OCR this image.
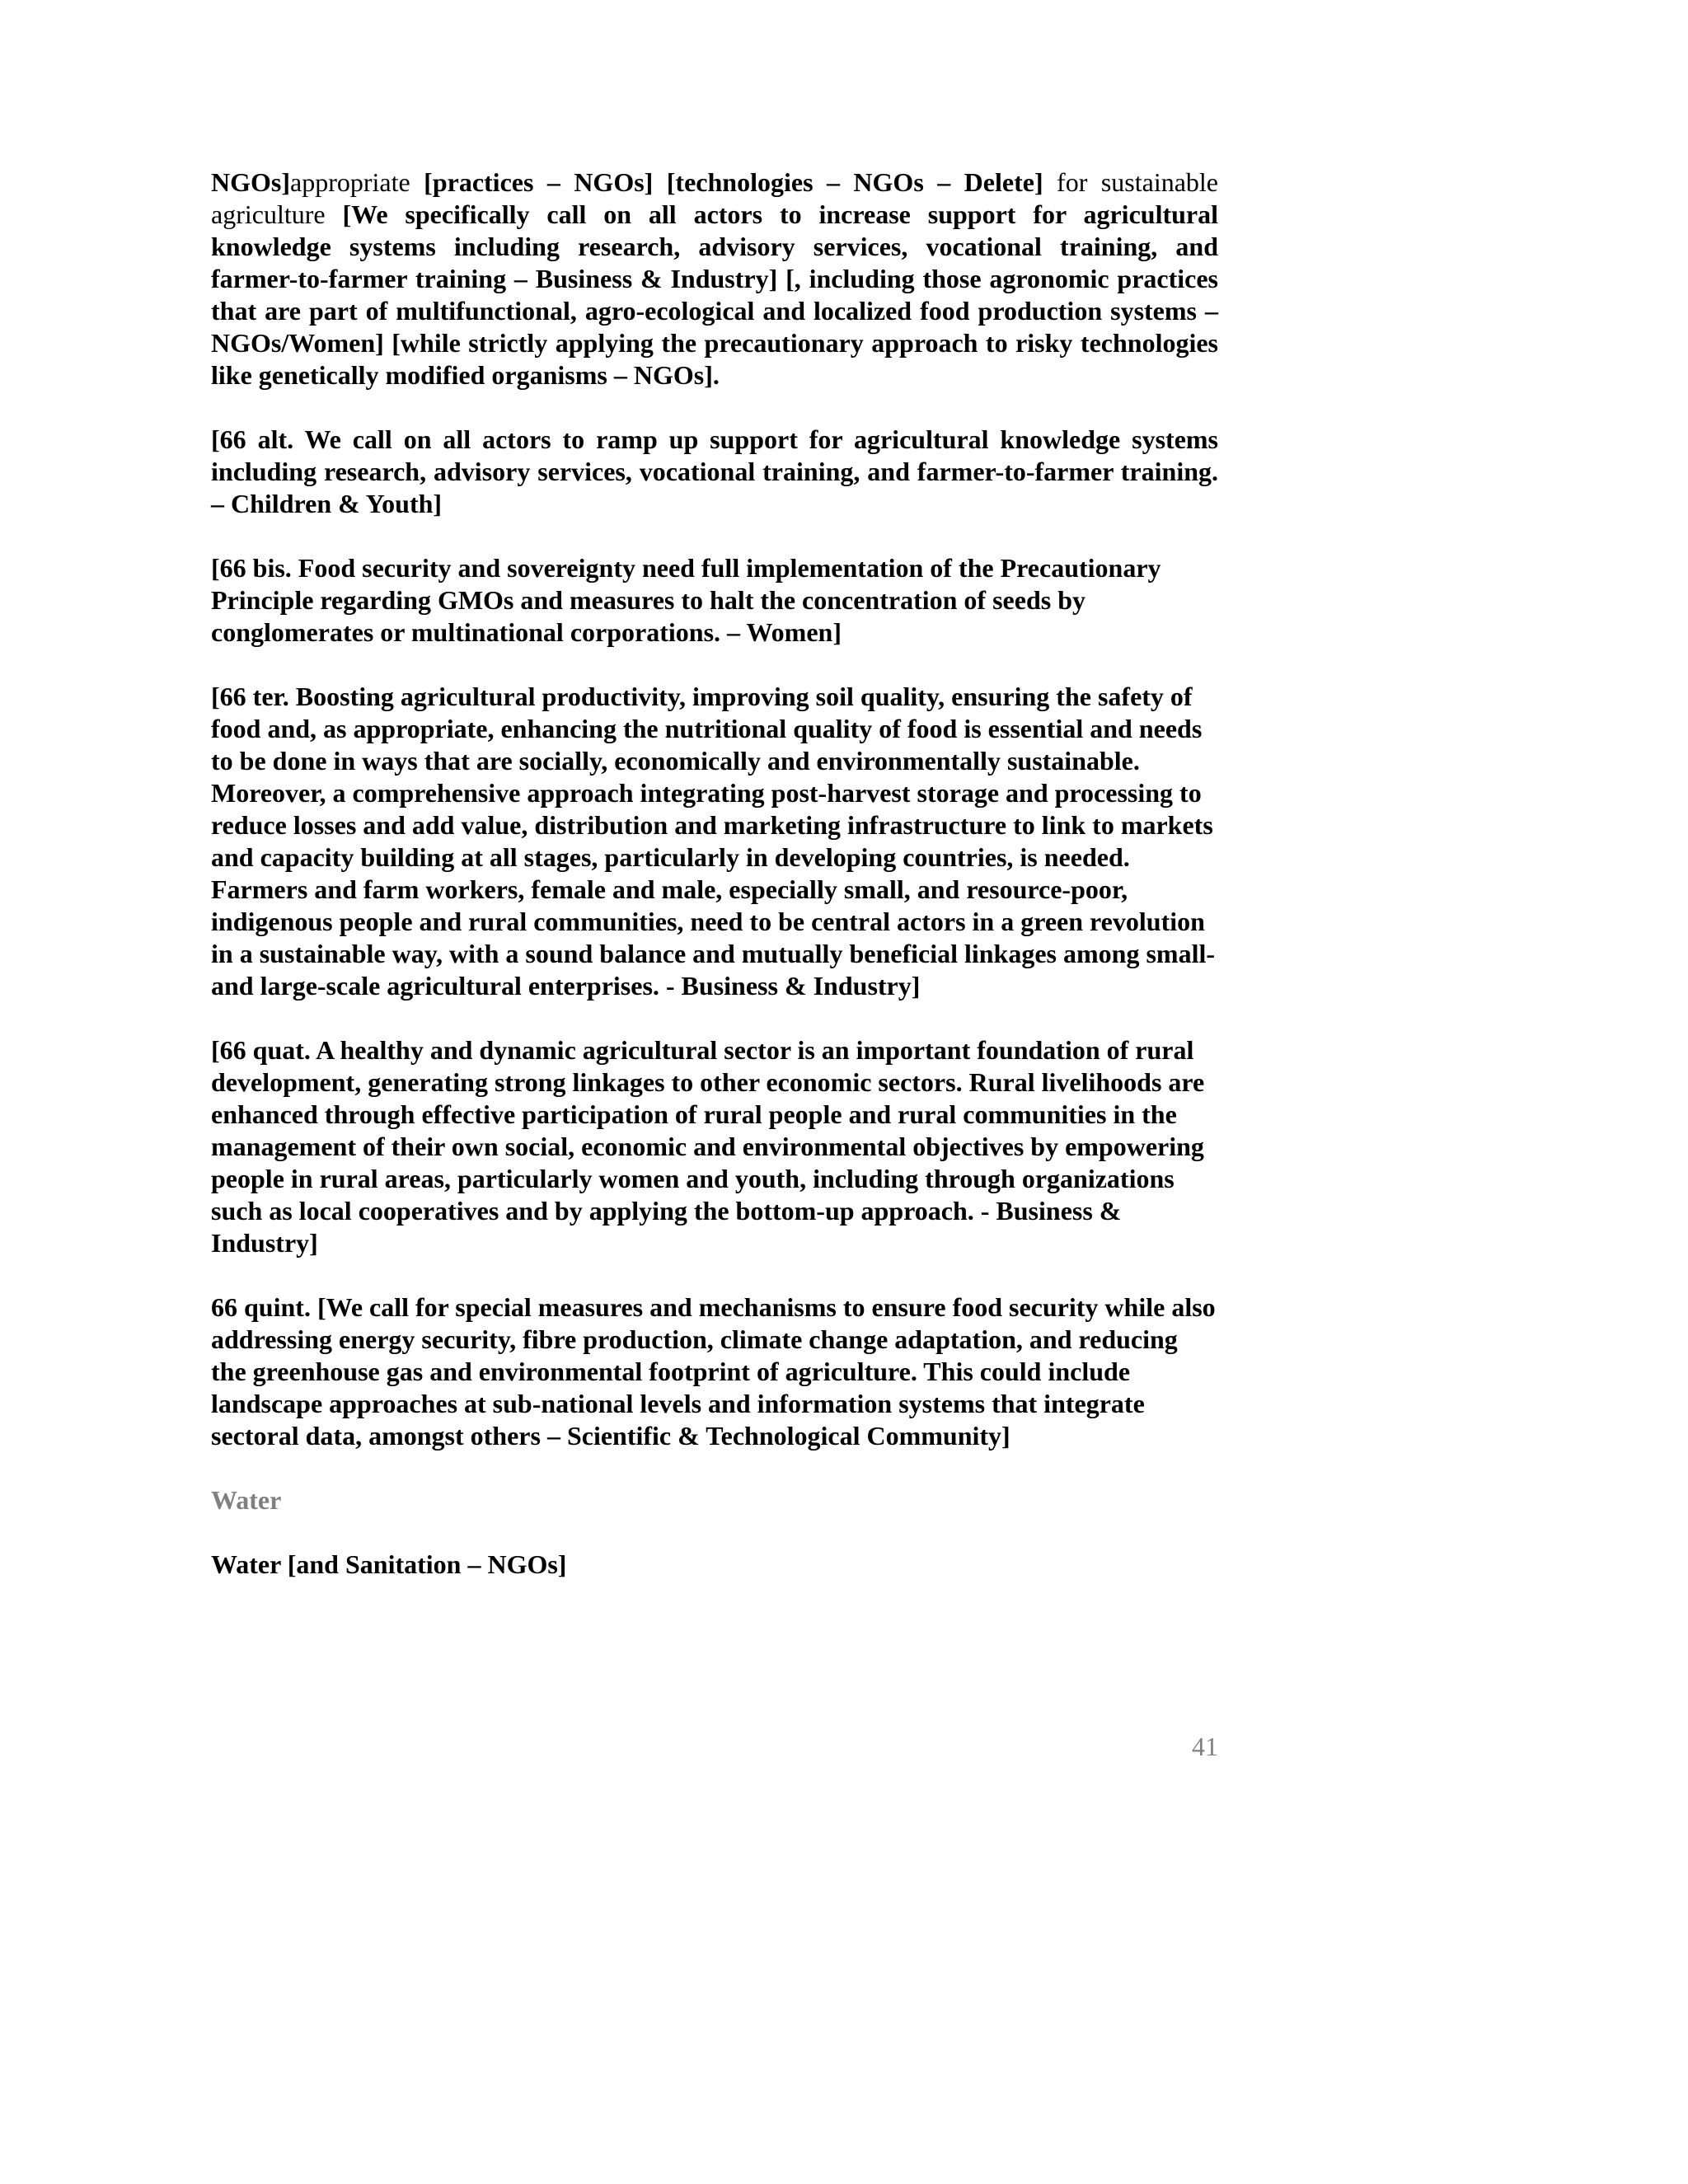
NGOs]appropriate [practices – NGOs] [technologies – NGOs – Delete] for sustainable agriculture [We specifically call on all actors to increase support for agricultural knowledge systems including research, advisory services, vocational training, and farmer-to-farmer training – Business & Industry] [, including those agronomic practices that are part of multifunctional, agro-ecological and localized food production systems – NGOs/Women] [while strictly applying the precautionary approach to risky technologies like genetically modified organisms – NGOs].

[66 alt. We call on all actors to ramp up support for agricultural knowledge systems including research, advisory services, vocational training, and farmer-to-farmer training. – Children & Youth]

[66 bis. Food security and sovereignty need full implementation of the Precautionary Principle regarding GMOs and measures to halt the concentration of seeds by conglomerates or multinational corporations. – Women]

[66 ter. Boosting agricultural productivity, improving soil quality, ensuring the safety of food and, as appropriate, enhancing the nutritional quality of food is essential and needs to be done in ways that are socially, economically and environmentally sustainable. Moreover, a comprehensive approach integrating post-harvest storage and processing to reduce losses and add value, distribution and marketing infrastructure to link to markets and capacity building at all stages, particularly in developing countries, is needed. Farmers and farm workers, female and male, especially small, and resource-poor, indigenous people and rural communities, need to be central actors in a green revolution in a sustainable way, with a sound balance and mutually beneficial linkages among small- and large-scale agricultural enterprises. - Business & Industry]

[66 quat. A healthy and dynamic agricultural sector is an important foundation of rural development, generating strong linkages to other economic sectors. Rural livelihoods are enhanced through effective participation of rural people and rural communities in the management of their own social, economic and environmental objectives by empowering people in rural areas, particularly women and youth, including through organizations such as local cooperatives and by applying the bottom-up approach. - Business & Industry]

66 quint. [We call for special measures and mechanisms to ensure food security while also addressing energy security, fibre production, climate change adaptation, and reducing the greenhouse gas and environmental footprint of agriculture. This could include landscape approaches at sub-national levels and information systems that integrate sectoral data, amongst others – Scientific & Technological Community]

Water

Water [and Sanitation – NGOs]

41
